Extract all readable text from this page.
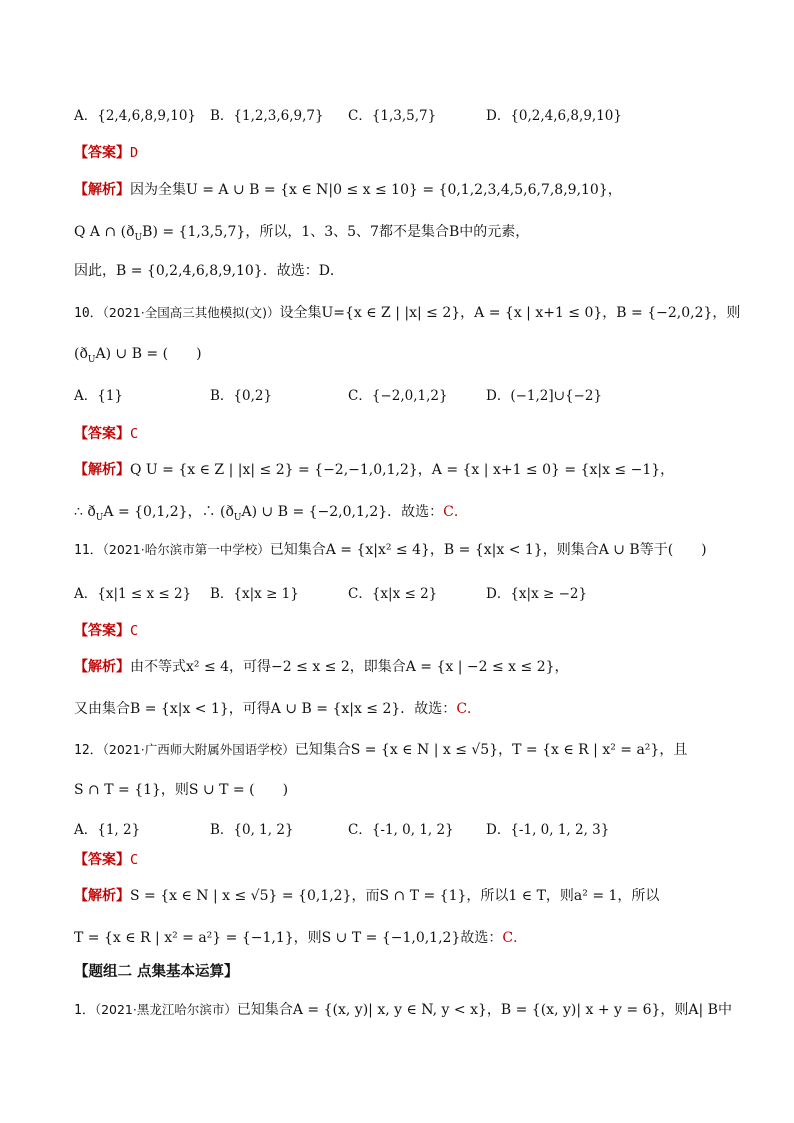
A．{2,4,6,8,9,10} B．{1,2,3,6,9,7} C．{1,3,5,7}	D．{0,2,4,6,8,9,10}
【答案】D
【解析】因为全集U = A ∪ B = {x ∈ N|0 ≤ x ≤ 10} = {0,1,2,3,4,5,6,7,8,9,10}，
Q A ∩ $(ð_UB) = \{1,3,5,7\}$，所以，1、3、5、7都不是集合B中的元素，
因此，B = {0,2,4,6,8,9,10}．故选：D．
10．（2021·全国高三其他模拟(文)）设全集U={x ∈ Z | |x| ≤ 2}，A = {x | x+1 ≤ 0}，B = {−2,0,2}，则
$(ð_UA)$ ∪ B = (　　)
A．{1}	B．{0,2}	C．{−2,0,1,2}	D．(−1,2]∪{−2}
【答案】C
【解析】Q U = {x ∈ Z | |x| ≤ 2} = {−2,−1,0,1,2}，A = {x | x+1 ≤ 0} = {x|x ≤ −1}，
∴ $ð_UA = \{0,1,2\}$，∴ $(ð_UA)$ ∪ B = {−2,0,1,2}．故选：C．
11．（2021·哈尔滨市第一中学校）已知集合A = {x|x² ≤ 4}，B = {x|x < 1}，则集合A ∪ B等于(　　)
A．{x|1 ≤ x ≤ 2} B．{x|x ≥ 1}	C．{x|x ≤ 2}	D．{x|x ≥ −2}
【答案】C
【解析】由不等式x² ≤ 4，可得−2 ≤ x ≤ 2，即集合A = {x | −2 ≤ x ≤ 2}，
又由集合B = {x|x < 1}，可得A ∪ B = {x|x ≤ 2}．故选：C．
12．（2021·广西师大附属外国语学校）已知集合S = {x ∈ N | x ≤ √5}，T = {x ∈ R | x² = a²}，且
S ∩ T = {1}，则S ∪ T = (　　)
A．{1, 2}	B．{0, 1, 2}	C．{-1, 0, 1, 2} D．{-1, 0, 1, 2, 3}
【答案】C
【解析】S = {x ∈ N | x ≤ √5} = {0,1,2}，而S ∩ T = {1}，所以1 ∈ T，则a² = 1，所以
T = {x ∈ R | x² = a²} = {−1,1}，则S ∪ T = {−1,0,1,2}故选：C．
【题组二 点集基本运算】
1．（2021·黑龙江哈尔滨市）已知集合A = {(x, y)| x, y ∈ N, y < x}，B = {(x, y)| x + y = 6}，则A| B中
